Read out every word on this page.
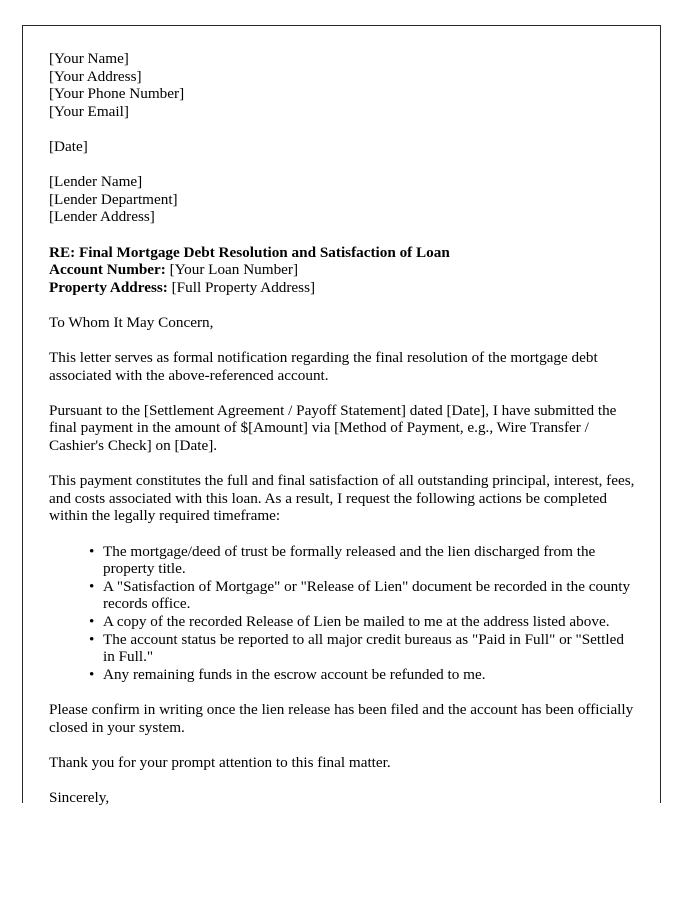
[Your Name]
[Your Address]
[Your Phone Number]
[Your Email]
[Date]
[Lender Name]
[Lender Department]
[Lender Address]
RE: Final Mortgage Debt Resolution and Satisfaction of Loan
Account Number: [Your Loan Number]
Property Address: [Full Property Address]

To Whom It May Concern,

This letter serves as formal notification regarding the final resolution of the mortgage debt associated with the above-referenced account.

Pursuant to the [Settlement Agreement / Payoff Statement] dated [Date], I have submitted the final payment in the amount of $[Amount] via [Method of Payment, e.g., Wire Transfer / Cashier's Check] on [Date].

This payment constitutes the full and final satisfaction of all outstanding principal, interest, fees, and costs associated with this loan. As a result, I request the following actions be completed within the legally required timeframe:

• The mortgage/deed of trust be formally released and the lien discharged from the property title.
• A "Satisfaction of Mortgage" or "Release of Lien" document be recorded in the county records office.
• A copy of the recorded Release of Lien be mailed to me at the address listed above.
• The account status be reported to all major credit bureaus as "Paid in Full" or "Settled in Full."
• Any remaining funds in the escrow account be refunded to me.

Please confirm in writing once the lien release has been filed and the account has been officially closed in your system.

Thank you for your prompt attention to this final matter.

Sincerely,
